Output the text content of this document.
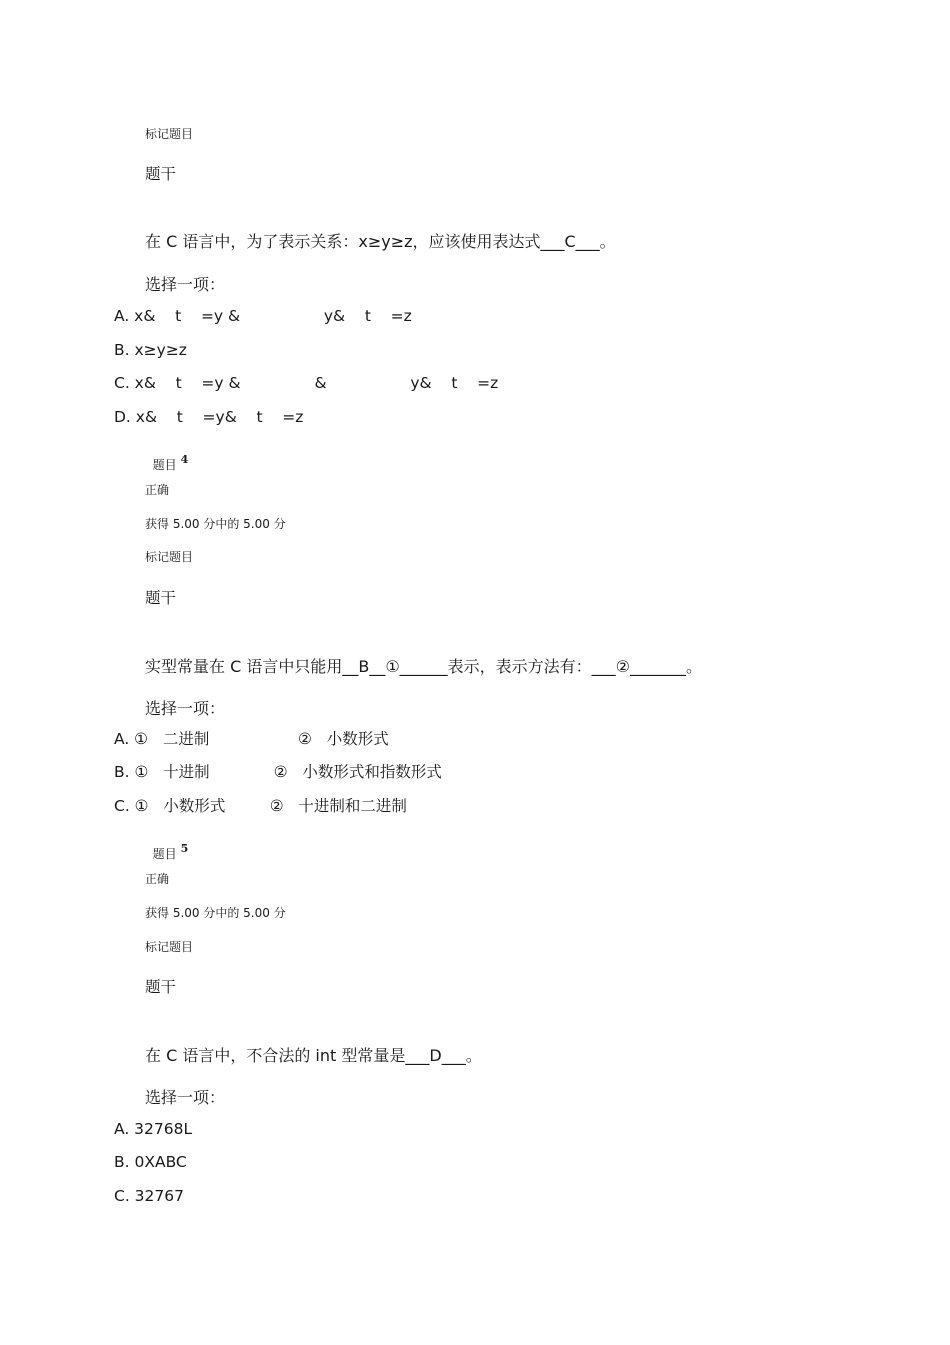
标记题目
题干
在 C 语言中，为了表示关系：x≥y≥z，应该使用表达式___C___。
选择一项：
A. x&    t    =y &                 y&    t    =z
B. x≥y≥z
C. x&    t    =y &               &                 y&    t    =z
D. x&    t    =y&    t    =z

题目 4

正确
获得 5.00 分中的 5.00 分
标记题目
题干
实型常量在 C 语言中只能用__B__①______表示，表示方法有：___②_______。
选择一项：
A. ①   二进制                  ②   小数形式
B. ①   十进制             ②   小数形式和指数形式
C. ①   小数形式         ②   十进制和二进制

题目 5

正确
获得 5.00 分中的 5.00 分
标记题目
题干
在 C 语言中，不合法的 int 型常量是___D___。
选择一项：
A. 32768L
B. 0XABC
C. 32767
